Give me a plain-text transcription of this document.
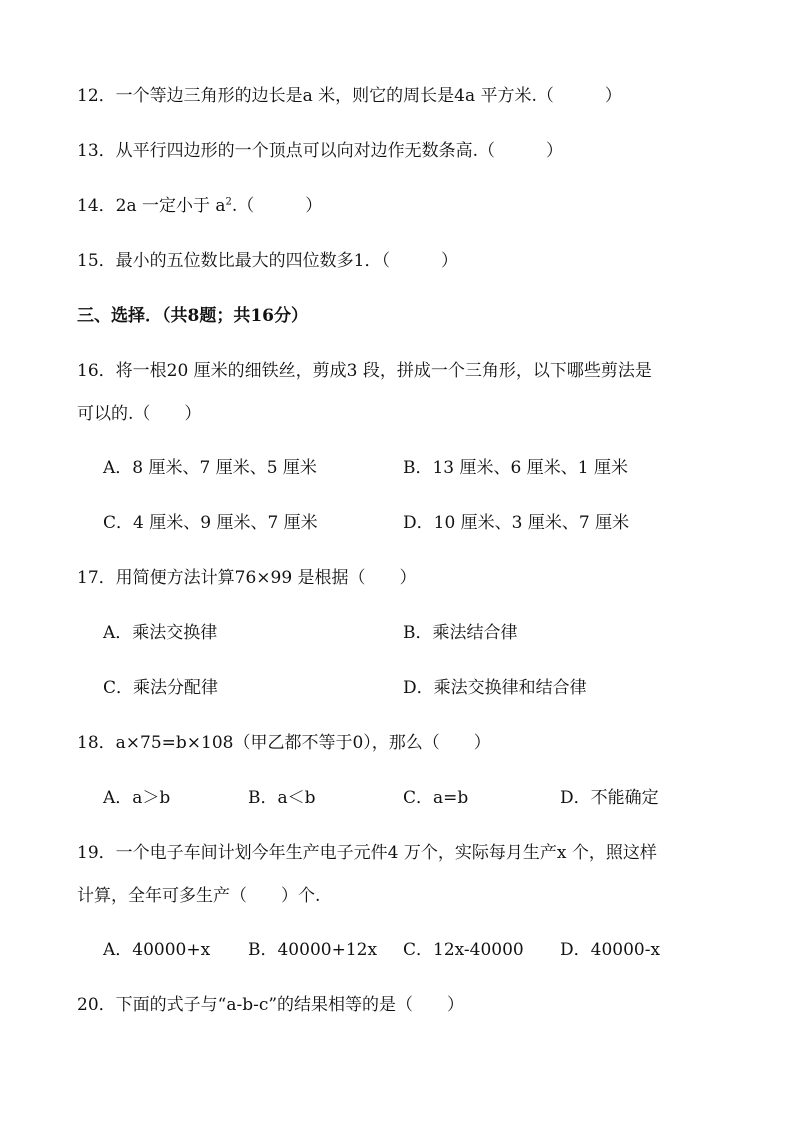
12．一个等边三角形的边长是a 米，则它的周长是4a 平方米.（　　　）
13．从平行四边形的一个顶点可以向对边作无数条高.（　　　）
14．2a 一定小于 $a^2$.（　　　）
15．最小的五位数比最大的四位数多1．（　　　）
三、选择．（共8题；共16分）
16．将一根20 厘米的细铁丝，剪成3 段，拼成一个三角形，以下哪些剪法是
可以的.（　　）
A．8 厘米、7 厘米、5 厘米	B．13 厘米、6 厘米、1 厘米
C．4 厘米、9 厘米、7 厘米	D．10 厘米、3 厘米、7 厘米
17．用简便方法计算76×99 是根据（　　）
A．乘法交换律	B．乘法结合律
C．乘法分配律	D．乘法交换律和结合律
18．a×75=b×108（甲乙都不等于0），那么（　　）
A．a＞b	B．a＜b	C．a=b	D．不能确定
19．一个电子车间计划今年生产电子元件4 万个，实际每月生产x 个，照这样
计算，全年可多生产（　　）个.
A．40000+x B．40000+12x C．12x-40000 D．40000-x
20．下面的式子与“a-b-c”的结果相等的是（　　）
